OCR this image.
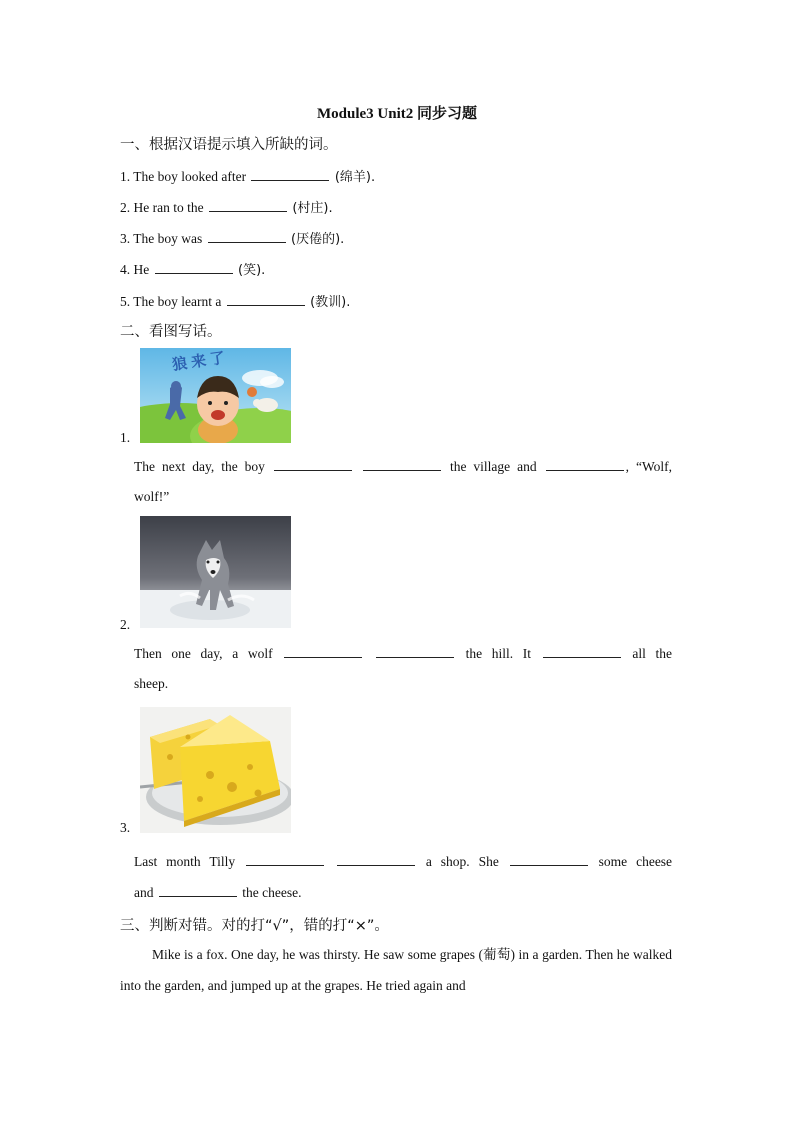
Module3 Unit2 同步习题
一、根据汉语提示填入所缺的词。
1. The boy looked after	(绵羊).
2. He ran to the	(村庄).
3. The boy was	(厌倦的).
4. He	(笑).
5. The boy learnt a	(教训).
二、看图写话。
狼来了
1.
The next day, the boy	the village and	, “Wolf,
wolf!”
2.
Then one day, a wolf	the hill. It	all the
sheep.
3.
Last month Tilly	a shop. She	some cheese
and	the cheese.
三、判断对错。对的打“√”，错的打“×”。
Mike is a fox. One day, he was thirsty. He saw some grapes (葡萄) in a garden. Then he walked into the garden, and jumped up at the grapes. He tried again and
